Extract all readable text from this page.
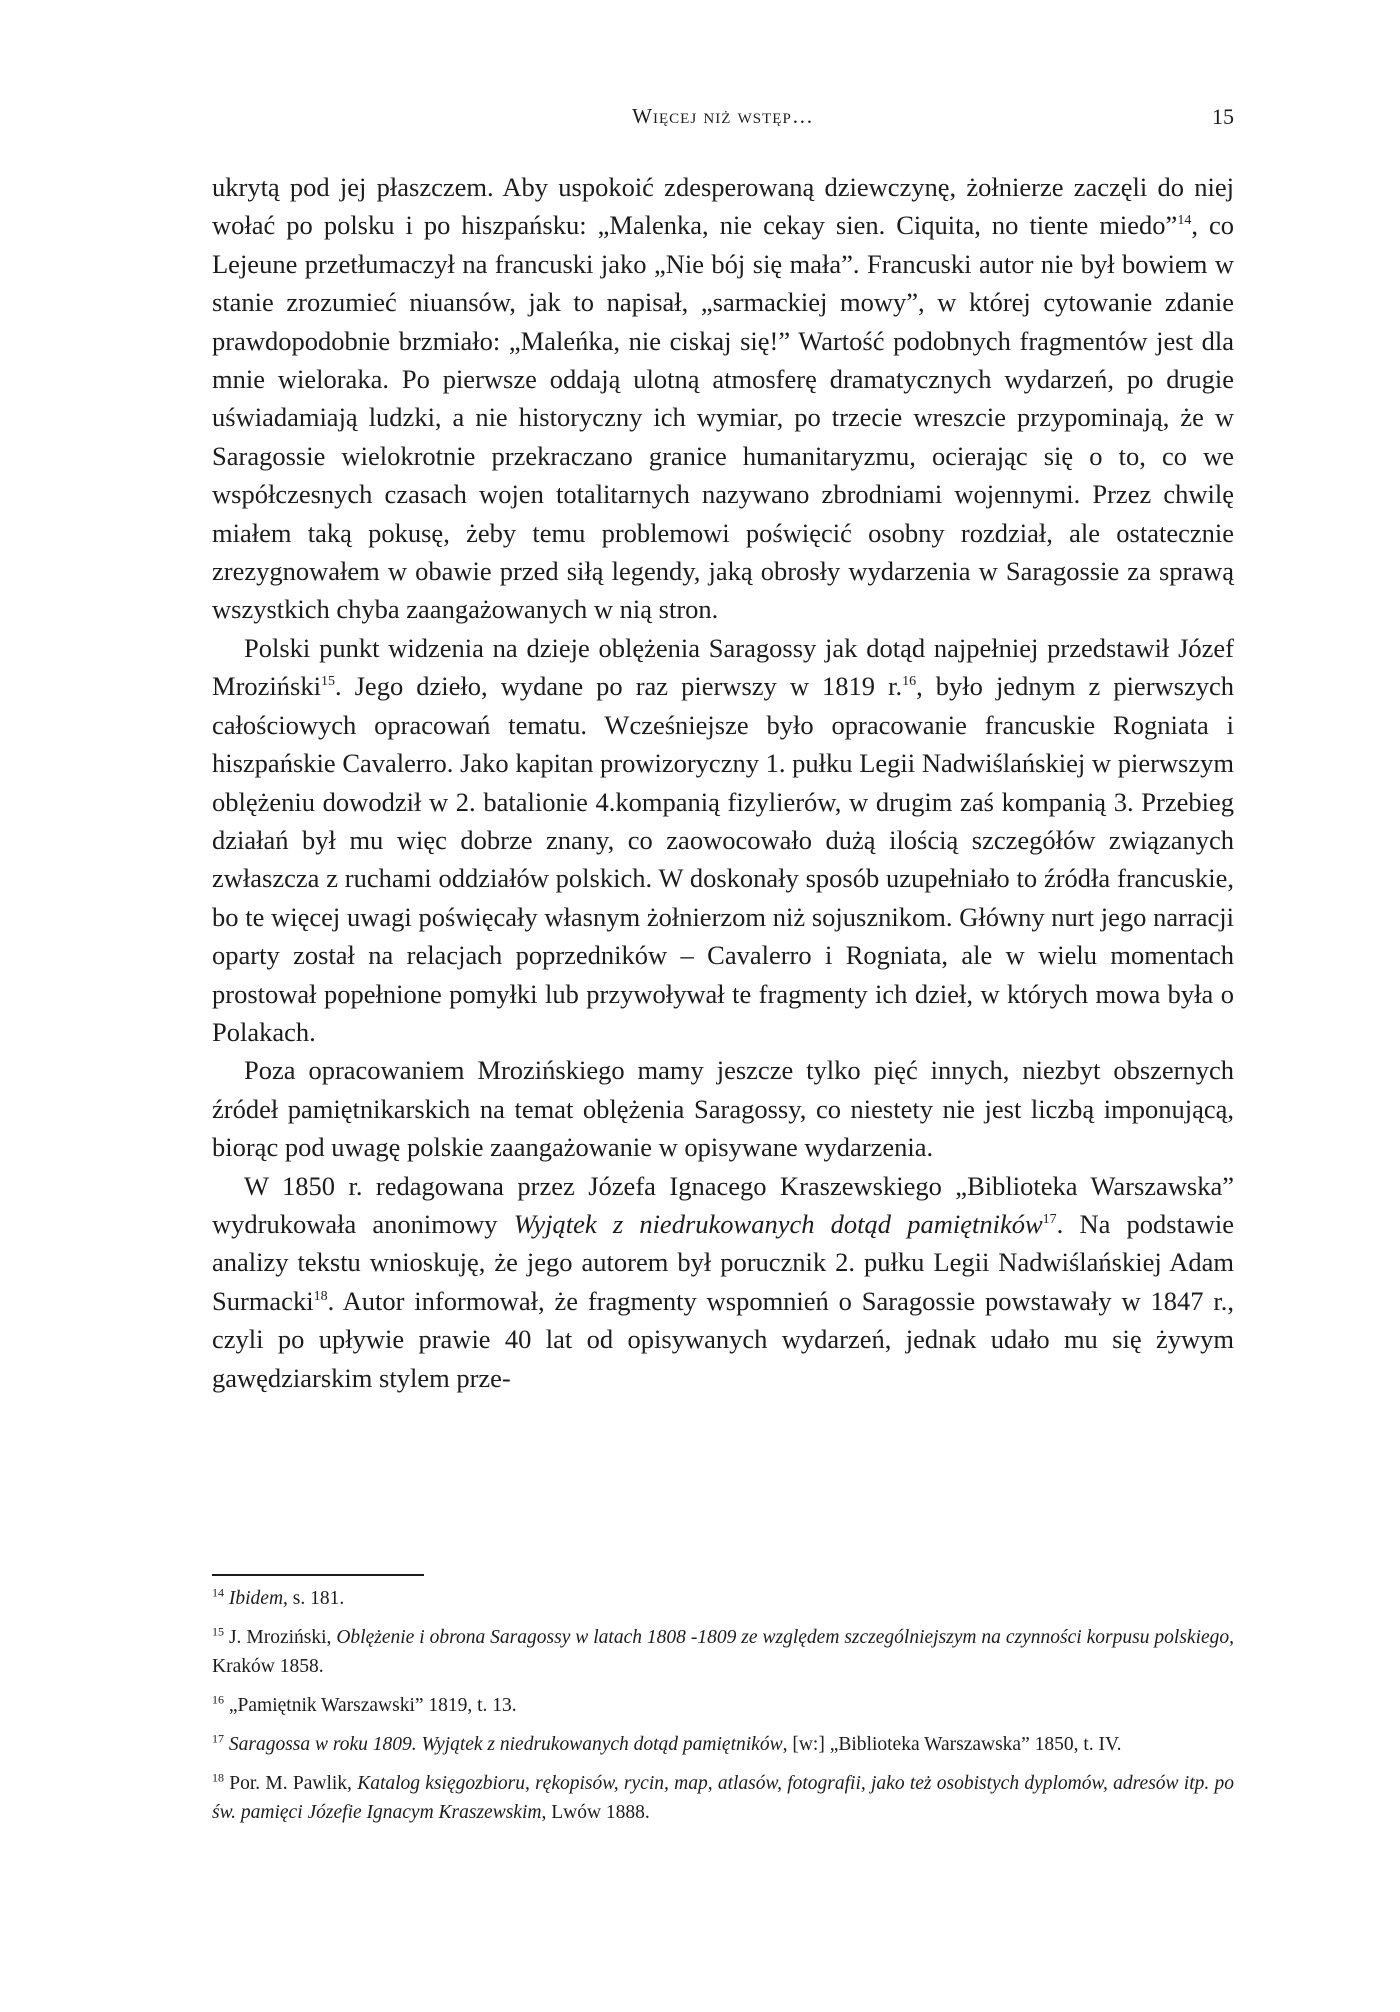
Więcej niż wstęp…	15

ukrytą pod jej płaszczem. Aby uspokoić zdesperowaną dziewczynę, żołnierze zaczęli do niej wołać po polsku i po hiszpańsku: „Malenka, nie cekay sien. Ciquita, no tiente miedo”$^{14}$, co Lejeune przetłumaczył na francuski jako „Nie bój się mała”. Francuski autor nie był bowiem w stanie zrozumieć niuansów, jak to napisał, „sarmackiej mowy”, w której cytowanie zdanie prawdopodobnie brzmiało: „Maleńka, nie ciskaj się!” Wartość podobnych fragmentów jest dla mnie wieloraka. Po pierwsze oddają ulotną atmosferę dramatycznych wydarzeń, po drugie uświadamiają ludzki, a nie historyczny ich wymiar, po trzecie wreszcie przypominają, że w Saragossie wielokrotnie przekraczano granice humanitaryzmu, ocierając się o to, co we współczesnych czasach wojen totalitarnych nazywano zbrodniami wojennymi. Przez chwilę miałem taką pokusę, żeby temu problemowi poświęcić osobny rozdział, ale ostatecznie zrezygnowałem w obawie przed siłą legendy, jaką obrosły wydarzenia w Saragossie za sprawą wszystkich chyba zaangażowanych w nią stron.

Polski punkt widzenia na dzieje oblężenia Saragossy jak dotąd najpełniej przedstawił Józef Mroziński$^{15}$. Jego dzieło, wydane po raz pierwszy w 1819 r.$^{16}$, było jednym z pierwszych całościowych opracowań tematu. Wcześniejsze było opracowanie francuskie Rogniata i hiszpańskie Cavalerro. Jako kapitan prowizoryczny 1. pułku Legii Nadwiślańskiej w pierwszym oblężeniu dowodził w 2. batalionie 4.kompanią fizylierów, w drugim zaś kompanią 3. Przebieg działań był mu więc dobrze znany, co zaowocowało dużą ilością szczegółów związanych zwłaszcza z ruchami oddziałów polskich. W doskonały sposób uzupełniało to źródła francuskie, bo te więcej uwagi poświęcały własnym żołnierzom niż sojusznikom. Główny nurt jego narracji oparty został na relacjach poprzedników – Cavalerro i Rogniata, ale w wielu momentach prostował popełnione pomyłki lub przywoływał te fragmenty ich dzieł, w których mowa była o Polakach.

Poza opracowaniem Mrozińskiego mamy jeszcze tylko pięć innych, niezbyt obszernych źródeł pamiętnikarskich na temat oblężenia Saragossy, co niestety nie jest liczbą imponującą, biorąc pod uwagę polskie zaangażowanie w opisywane wydarzenia.

W 1850 r. redagowana przez Józefa Ignacego Kraszewskiego „Biblioteka Warszawska” wydrukowała anonimowy Wyjątek z niedrukowanych dotąd pamiętników$^{17}$. Na podstawie analizy tekstu wnioskuję, że jego autorem był porucznik 2. pułku Legii Nadwiślańskiej Adam Surmacki$^{18}$. Autor informował, że fragmenty wspomnień o Saragossie powstawały w 1847 r., czyli po upływie prawie 40 lat od opisywanych wydarzeń, jednak udało mu się żywym gawędziarskim stylem prze-

$^{14}$ Ibidem, s. 181.

$^{15}$ J. Mroziński, Oblężenie i obrona Saragossy w latach 1808 -1809 ze względem szczególniejszym na czynności korpusu polskiego, Kraków 1858.

$^{16}$ „Pamiętnik Warszawski” 1819, t. 13.

$^{17}$ Saragossa w roku 1809. Wyjątek z niedrukowanych dotąd pamiętników, [w:] „Biblioteka Warszawska” 1850, t. IV.

$^{18}$ Por. M. Pawlik, Katalog księgozbioru, rękopisów, rycin, map, atlasów, fotografii, jako też osobistych dyplomów, adresów itp. po św. pamięci Józefie Ignacym Kraszewskim, Lwów 1888.
